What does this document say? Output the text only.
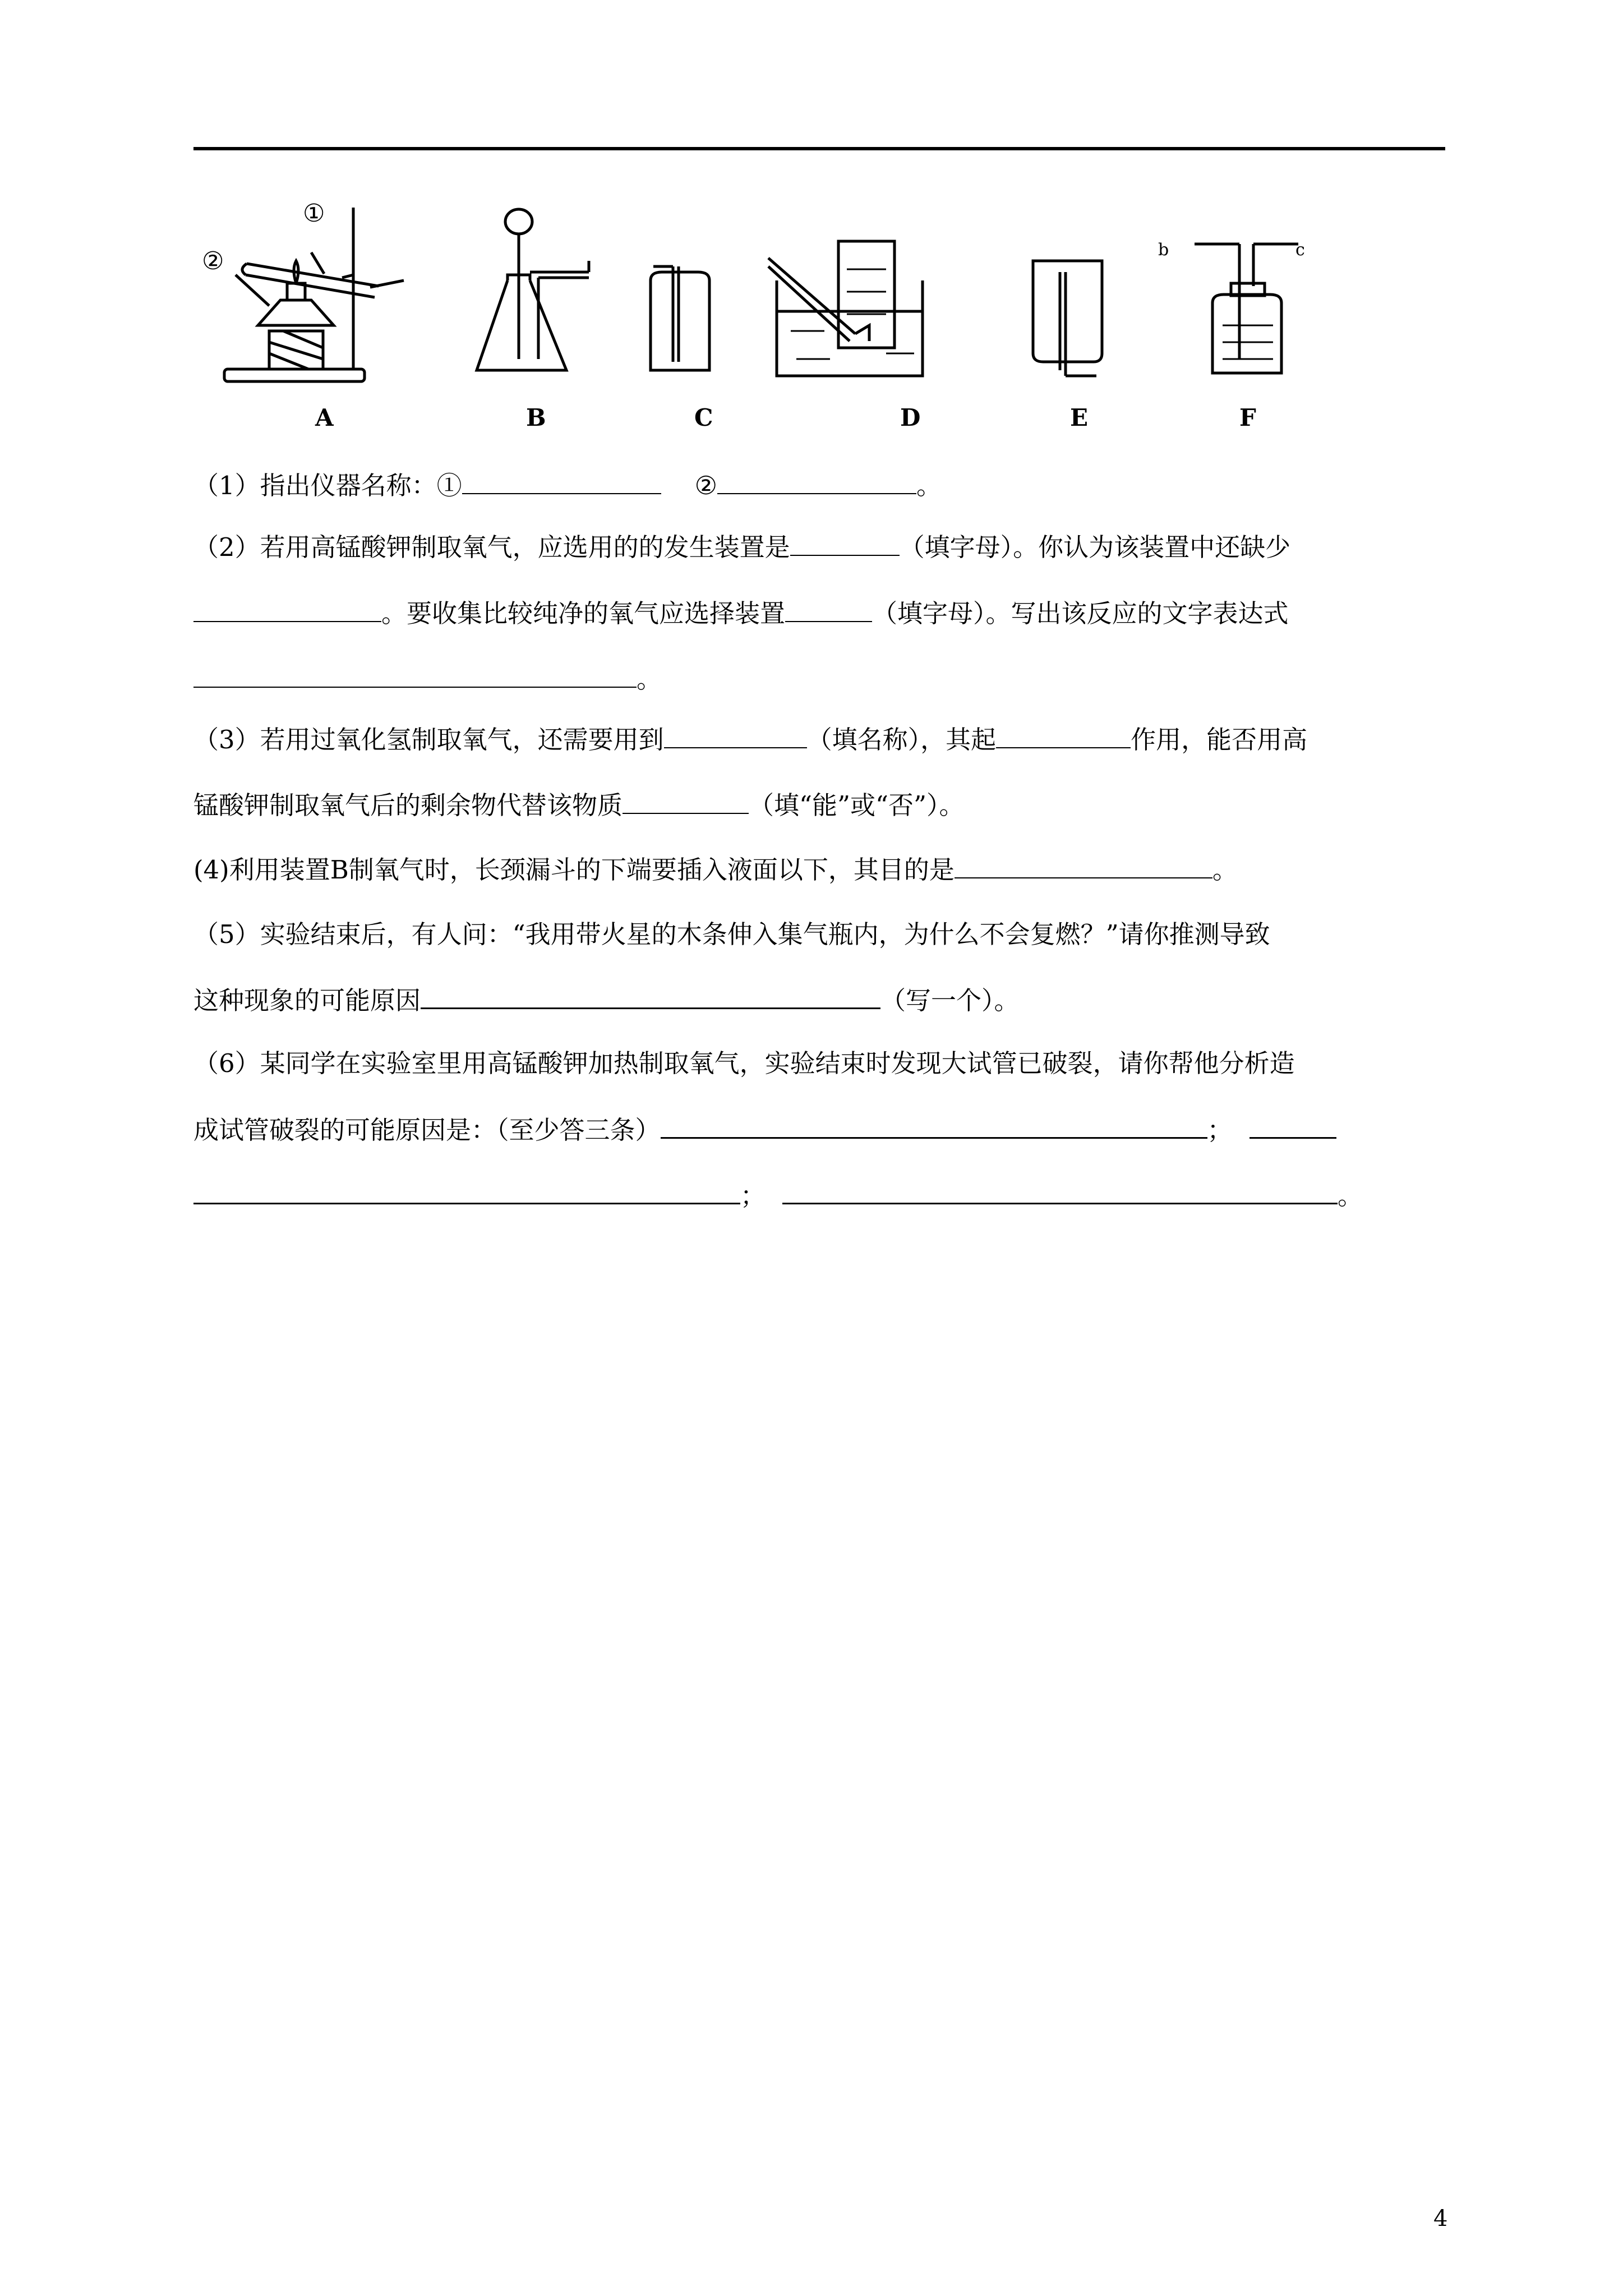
①
②	b	c
A	B	C	D	E	F
（1）指出仪器名称：①	②	。
（2）若用高锰酸钾制取氧气，应选用的的发生装置是	（填字母）。你认为该装置中还缺少
。要收集比较纯净的氧气应选择装置	（填字母）。写出该反应的文字表达式
。
（3）若用过氧化氢制取氧气，还需要用到	（填名称），其起	作用，能否用高
锰酸钾制取氧气后的剩余物代替该物质	（填“能”或“否”）。
(4)利用装置B制氧气时，长颈漏斗的下端要插入液面以下，其目的是	。
（5）实验结束后，有人问：“我用带火星的木条伸入集气瓶内，为什么不会复燃？”请你推测导致
这种现象的可能原因	（写一个）。
（6）某同学在实验室里用高锰酸钾加热制取氧气，实验结束时发现大试管已破裂，请你帮他分析造
成试管破裂的可能原因是：（至少答三条）	；
；	。
4
